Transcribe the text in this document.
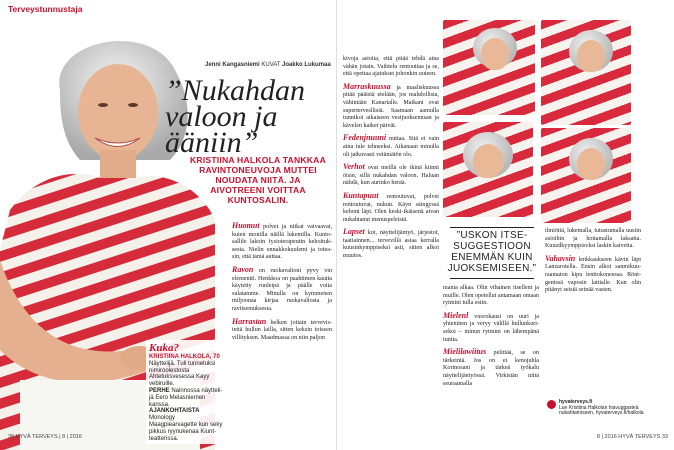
Terveystunnustaja
Jenni Kangasniemi KUVAT Joakko Lukumaa
”Nukahdan valoon ja ääniin”
KRISTIINA HALKOLA TANKKAA RAVINTONEUVOJA MUTTEI NOUDATA NIITÄ. JA AIVOTREENI VOITTAA KUNTOSALIN.

Huomut polvet ja niikat vaivaavat, kuten monilla näillä lukemilla. Kuntosallile lakoin fysioterapeutin kehoituksesta. Nielin ennakkokuulemi ja toteasin, että tämä auttaa.

Ravon on ruokavalioni pyvy vin elementti. Henkkoa on paahtimen kautta käytetty runleipä ja päälle voita sulatamme. Minulla on kymmenen miljoonaa kirjaa ruokavaliosta ja ravitsemuksesta.

Harrastan helken joitain tervevistettä hullun lailla, sitten keksin toiseen villityksen. Maadmassa on niin paljon

Kuka?
KRISTIINA HALKOLA, 70
Näyttelijä. Tuli tunnetuksi nimiroolestosta Ahtetuksvesessa Kayy vebiruille.
PERHE Nainnossa näyttelijä Eero Melasniemen kanssa.
AJANKOHTAISTA Monology Maagpiearvagette kun seky pikkus ryynukenaa Kiuntteatterissa.
38 HYVÄ TERVEYS | 8 | 2016

kivoja asioita, että pitää tehdä aina vähän jotain. Vaihtelu rentouttaa ja se, että opettaa ajatukset johonkin uuteen.

Marraskuussa ja maaliskuussa pitää pääistä etelään, jos mahdollista, vähintään Kanarialle. Matkani ovat supertervesllisiä. Saamaan aamulla tunnikoi aikaiseen vesijuoksennsan ja kävelen kaiket päivät.

Fedenjnuuni nuttaa. Sitä ei vain aina tule tehneeksi. Aikanaan minulla oli jatkuvasti vetämätön olo.

Verhot ovat meillä ole ikinä kiinni öisin, sillä nukahdan valoon. Haluan nähdä, kun aurinko herää.

Kuntapuut rentoutuvat, polvet rentoutuvat, nukun. Käyn säingyssä kehoni läpi. Olen keski-ikäisenä aivan nukahtanut menuspeleistä.

Lapset kot, näyttelijäntyö, järjestot, taatiainnen... tervevillä asiaa kerralla kuusinkymppiseksi asti, sitten alkoi muutos.

”USKON ITSESUGGESTIOON ENEMMÄN KUIN JUOKSEMISEEN.”

mania alkaa. Olin vihainen itselleni ja muille. Olen opetellut antamaan omaan rytmini tulla esiin.

Mielenl vuorokausi on uuri ja yhteninen ja veryy välillä hullunkurisekoi – minun rytmini on lähempänä tuntia.

Mielilawiitus pelittää, se on tärkeintä. Jos on ei kenojuhla Korinosani ja tärkeä työkalu näyttelijäntyössä. Virkistän niitä seuraamalla

ilmiöitä, lukemalla, tutustumalla uusiin asioihin ja hoitamalla laksatta. Kuuzdkyymppisvksi laskin kaivetta.

Vahavsin lenkkaukseen kävin läpi Lanzarotella. Ensin alkoi sanmikuuraamaton kipu lenttokoneessa. Röntgenissä vaposin lattialle. Kun olin pitänyt seistä seinää vasten.

hyvaterveys.fi
Lue Kristiina Halkolan hiavuggasteä nukahtamiseen, hyvaterveys.fi/halkola
8 | 2016 HYVÄ TERVEYS 33
